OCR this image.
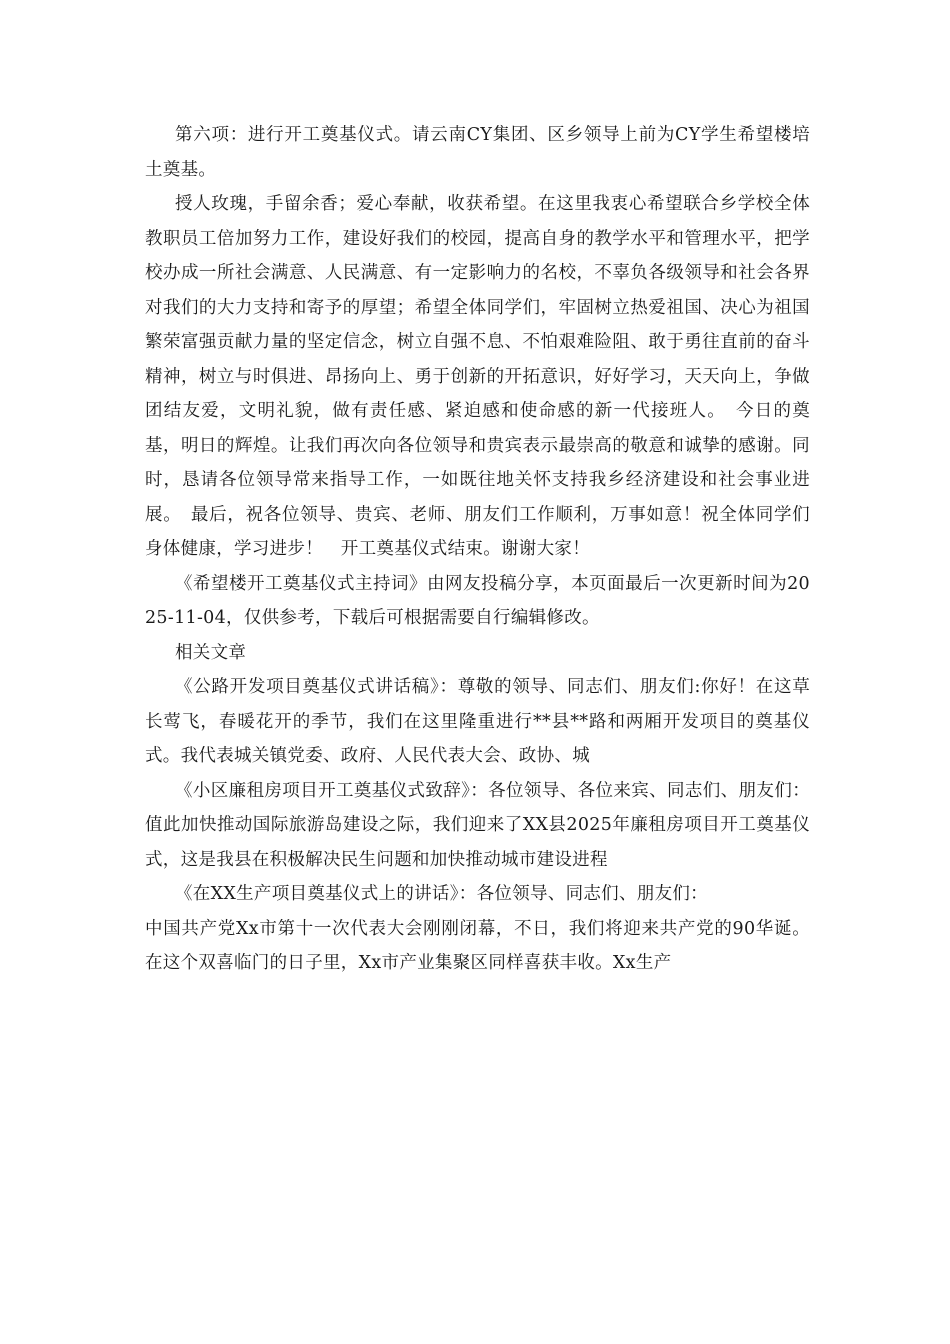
第六项：进行开工奠基仪式。请云南CY集团、区乡领导上前为CY学生希望楼培土奠基。

授人玫瑰，手留余香；爱心奉献，收获希望。在这里我衷心希望联合乡学校全体教职员工倍加努力工作，建设好我们的校园，提高自身的教学水平和管理水平，把学校办成一所社会满意、人民满意、有一定影响力的名校，不辜负各级领导和社会各界对我们的大力支持和寄予的厚望；希望全体同学们，牢固树立热爱祖国、决心为祖国繁荣富强贡献力量的坚定信念，树立自强不息、不怕艰难险阻、敢于勇往直前的奋斗精神，树立与时俱进、昂扬向上、勇于创新的开拓意识，好好学习，天天向上，争做团结友爱，文明礼貌，做有责任感、紧迫感和使命感的新一代接班人。　今日的奠基，明日的辉煌。让我们再次向各位领导和贵宾表示最崇高的敬意和诚挚的感谢。同时，恳请各位领导常来指导工作，一如既往地关怀支持我乡经济建设和社会事业进展。　最后，祝各位领导、贵宾、老师、朋友们工作顺利，万事如意！祝全体同学们身体健康，学习进步！　开工奠基仪式结束。谢谢大家！

《希望楼开工奠基仪式主持词》由网友投稿分享，本页面最后一次更新时间为2025-11-04，仅供参考，下载后可根据需要自行编辑修改。

相关文章

《公路开发项目奠基仪式讲话稿》：尊敬的领导、同志们、朋友们:你好！在这草长莺飞，春暖花开的季节，我们在这里隆重进行**县**路和两厢开发项目的奠基仪式。我代表城关镇党委、政府、人民代表大会、政协、城

《小区廉租房项目开工奠基仪式致辞》：各位领导、各位来宾、同志们、朋友们：值此加快推动国际旅游岛建设之际，我们迎来了XX县2025年廉租房项目开工奠基仪式，这是我县在积极解决民生问题和加快推动城市建设进程

《在XX生产项目奠基仪式上的讲话》：各位领导、同志们、朋友们：

中国共产党Xx市第十一次代表大会刚刚闭幕，不日，我们将迎来共产党的90华诞。在这个双喜临门的日子里，Xx市产业集聚区同样喜获丰收。Xx生产
